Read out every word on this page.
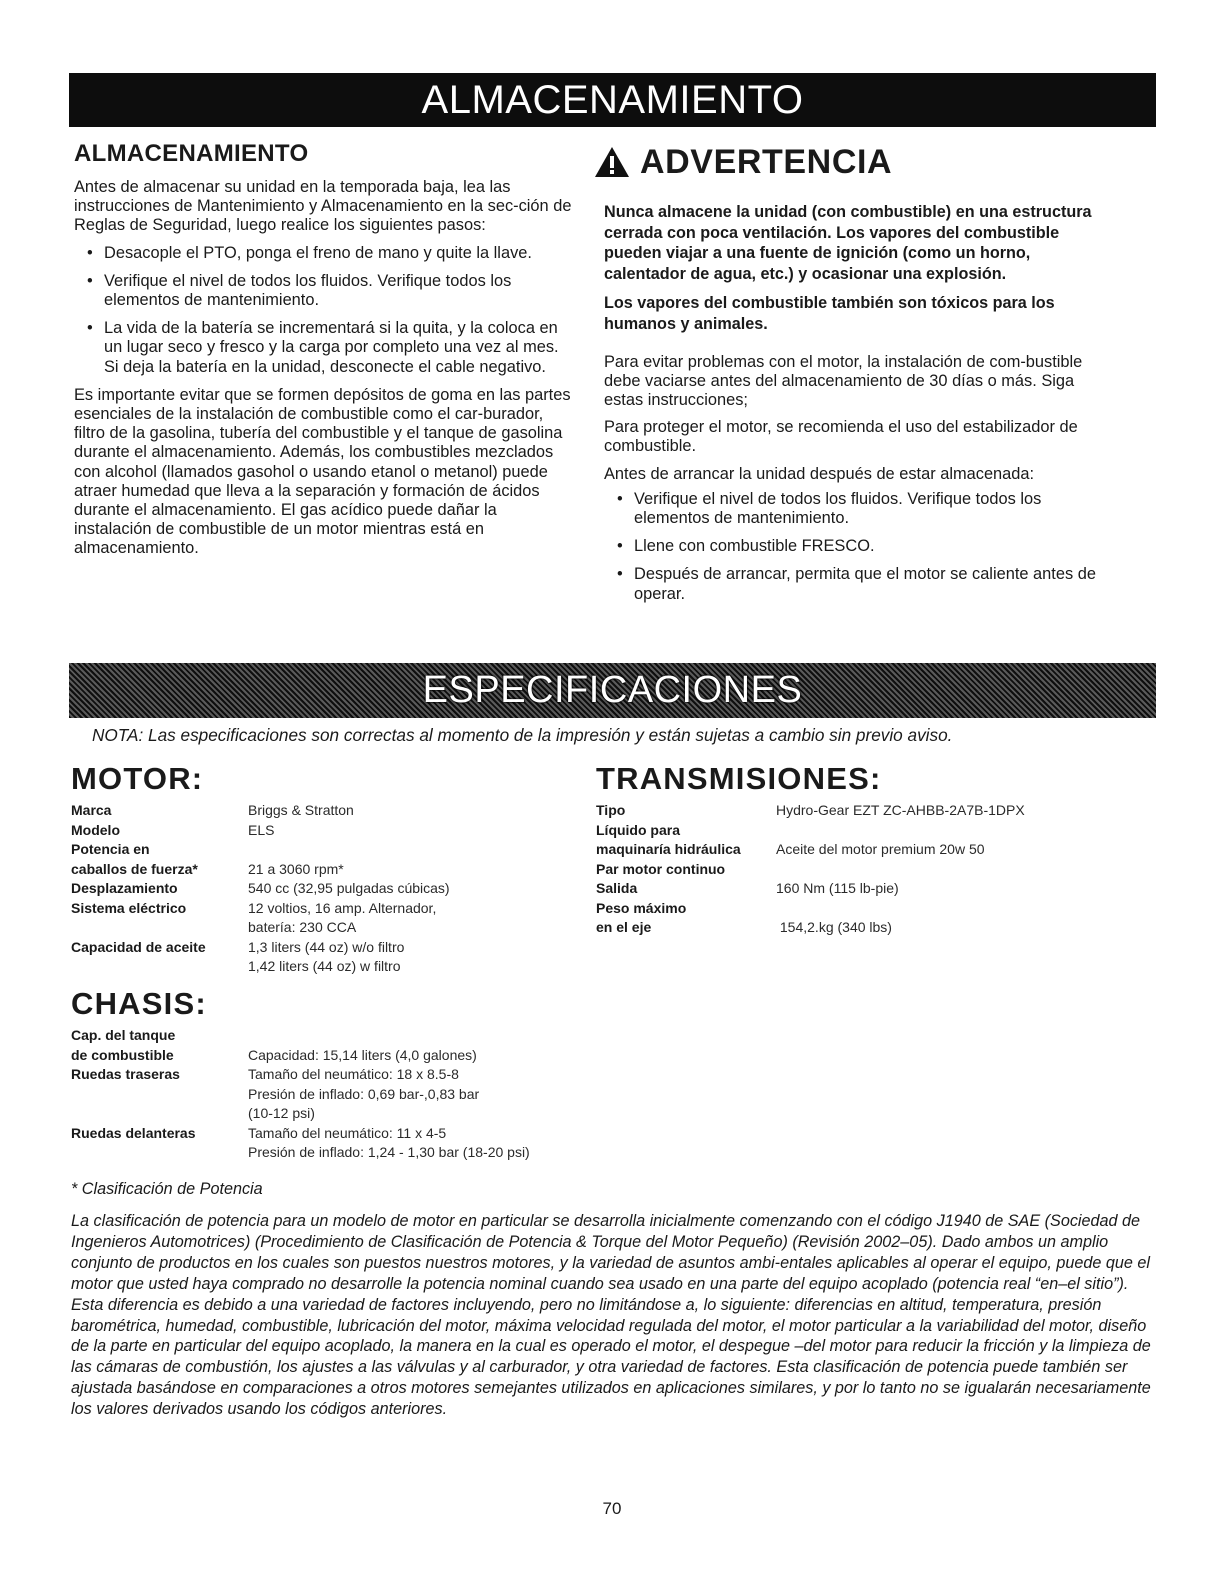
ALMACENAMIENTO
ALMACENAMIENTO

Antes de almacenar su unidad en la temporada baja, lea las instrucciones de Mantenimiento y Almacenamiento en la sec-ción de Reglas de Seguridad, luego realice los siguientes pasos:

• Desacople el PTO, ponga el freno de mano y quite la llave.
• Verifique el nivel de todos los fluidos. Verifique todos los elementos de mantenimiento.
• La vida de la batería se incrementará si la quita, y la coloca en un lugar seco y fresco y la carga por completo una vez al mes. Si deja la batería en la unidad, desconecte el cable negativo.

Es importante evitar que se formen depósitos de goma en las partes esenciales de la instalación de combustible como el car-burador, filtro de la gasolina, tubería del combustible y el tanque de gasolina durante el almacenamiento. Además, los combustibles mezclados con alcohol (llamados gasohol o usando etanol o metanol) puede atraer humedad que lleva a la separación y formación de ácidos durante el almacenamiento. El gas acídico puede dañar la instalación de combustible de un motor mientras está en almacenamiento.

ADVERTENCIA

Nunca almacene la unidad (con combustible) en una estructura cerrada con poca ventilación. Los vapores del combustible pueden viajar a una fuente de ignición (como un horno, calentador de agua, etc.) y ocasionar una explosión.

Los vapores del combustible también son tóxicos para los humanos y animales.

Para evitar problemas con el motor, la instalación de com-bustible debe vaciarse antes del almacenamiento de 30 días o más. Siga estas instrucciones;

Para proteger el motor, se recomienda el uso del estabilizador de combustible.

Antes de arrancar la unidad después de estar almacenada:

• Verifique el nivel de todos los fluidos. Verifique todos los elementos de mantenimiento.
• Llene con combustible FRESCO.
• Después de arrancar, permita que el motor se caliente antes de operar.
ESPECIFICACIONES
NOTA: Las especificaciones son correctas al momento de la impresión y están sujetas a cambio sin previo aviso.
MOTOR:
Marca	Briggs & Stratton
Modelo	ELS
Potencia en
caballos de fuerza*	21 a 3060 rpm*
Desplazamiento	540 cc (32,95 pulgadas cúbicas)
Sistema eléctrico	12 voltios, 16 amp. Alternador,
batería: 230 CCA
Capacidad de aceite	1,3 liters (44 oz) w/o filtro
1,42 liters (44 oz) w filtro
TRANSMISIONES:
Tipo	Hydro-Gear EZT ZC-AHBB-2A7B-1DPX
Líquido para
maquinaría hidráulica	Aceite del motor premium 20w 50
Par motor continuo
Salida	160 Nm (115 lb-pie)
Peso máximo
en el eje	154,2.kg (340 lbs)
CHASIS:
Cap. del tanque
de combustible	Capacidad: 15,14 liters (4,0 galones)
Ruedas traseras	Tamaño del neumático: 18 x 8.5-8
Presión de inflado: 0,69 bar-,0,83 bar
(10-12 psi)
Ruedas delanteras	Tamaño del neumático: 11 x 4-5
Presión de inflado: 1,24 - 1,30 bar (18-20 psi)
* Clasificación de Potencia
La clasificación de potencia para un modelo de motor en particular se desarrolla inicialmente comenzando con el código J1940 de SAE (Sociedad de Ingenieros Automotrices) (Procedimiento de Clasificación de Potencia & Torque del Motor Pequeño) (Revisión 2002–05). Dado ambos un amplio conjunto de productos en los cuales son puestos nuestros motores, y la variedad de asuntos ambi-entales aplicables al operar el equipo, puede que el motor que usted haya comprado no desarrolle la potencia nominal cuando sea usado en una parte del equipo acoplado (potencia real “en–el sitio”). Esta diferencia es debido a una variedad de factores incluyendo, pero no limitándose a, lo siguiente: diferencias en altitud, temperatura, presión barométrica, humedad, combustible, lubricación del motor, máxima velocidad regulada del motor, el motor particular a la variabilidad del motor, diseño de la parte en particular del equipo acoplado, la manera en la cual es operado el motor, el despegue –del motor para reducir la fricción y la limpieza de las cámaras de combustión, los ajustes a las válvulas y al carburador, y otra variedad de factores. Esta clasificación de potencia puede también ser ajustada basándose en comparaciones a otros motores semejantes utilizados en aplicaciones similares, y por lo tanto no se igualarán necesariamente los valores derivados usando los códigos anteriores.
70
